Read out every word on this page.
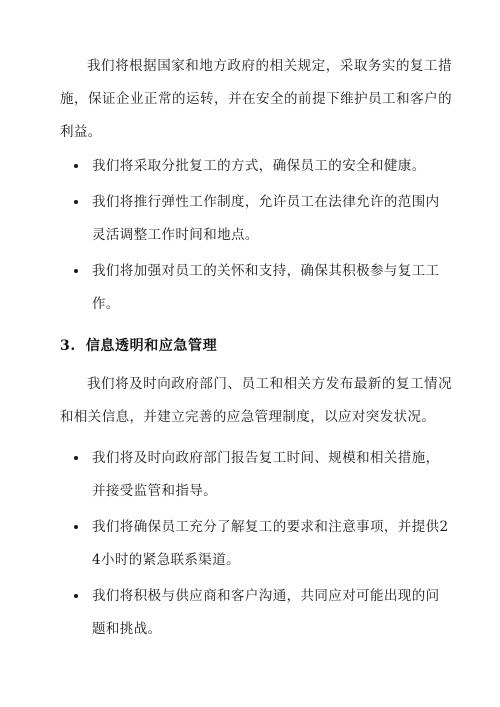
我们将根据国家和地方政府的相关规定，采取务实的复工措施，保证企业正常的运转，并在安全的前提下维护员工和客户的利益。
我们将采取分批复工的方式，确保员工的安全和健康。
我们将推行弹性工作制度，允许员工在法律允许的范围内灵活调整工作时间和地点。
我们将加强对员工的关怀和支持，确保其积极参与复工工作。
3. 信息透明和应急管理
我们将及时向政府部门、员工和相关方发布最新的复工情况和相关信息，并建立完善的应急管理制度，以应对突发状况。
我们将及时向政府部门报告复工时间、规模和相关措施，并接受监管和指导。
我们将确保员工充分了解复工的要求和注意事项，并提供24小时的紧急联系渠道。
我们将积极与供应商和客户沟通，共同应对可能出现的问题和挑战。
